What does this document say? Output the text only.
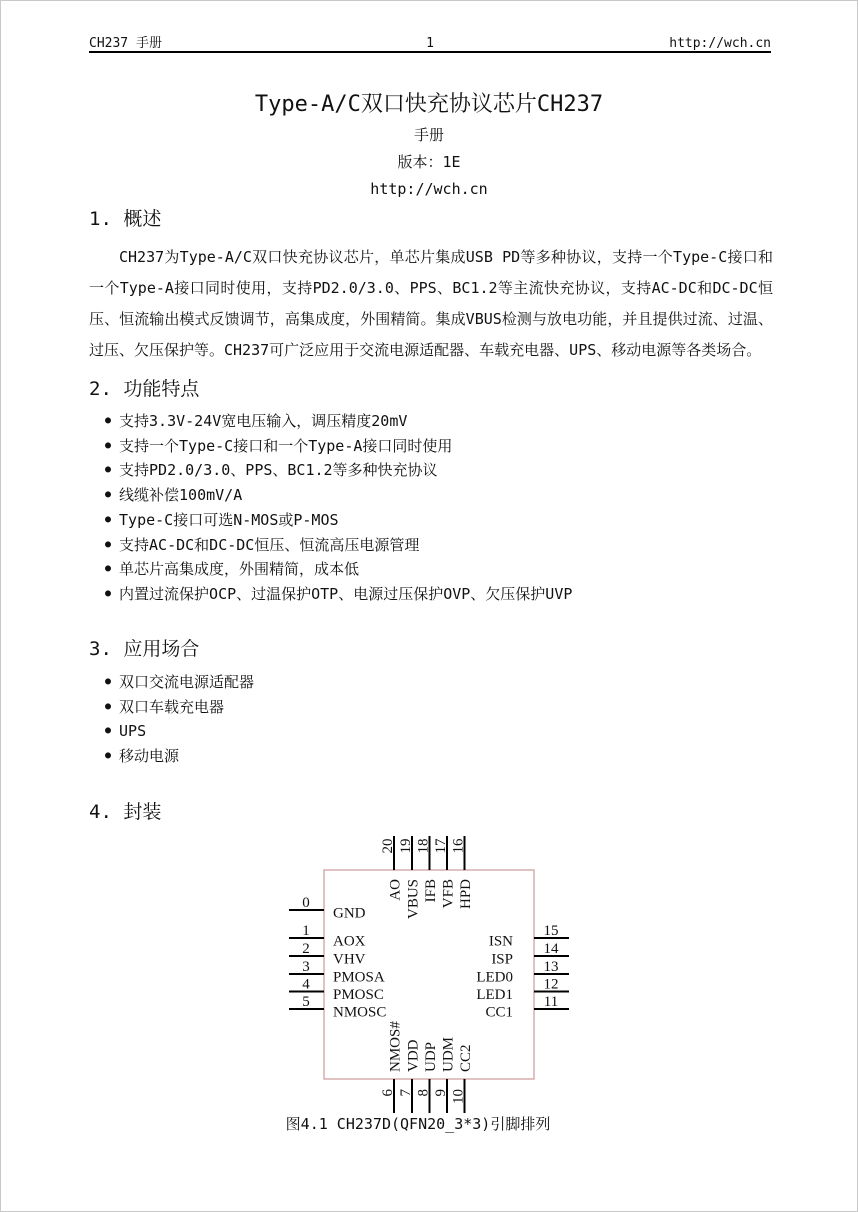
CH237 手册	1	http://wch.cn
Type-A/C双口快充协议芯片CH237
手册
版本：1E
http://wch.cn
1. 概述
CH237为Type-A/C双口快充协议芯片，单芯片集成USB PD等多种协议，支持一个Type-C接口和一个Type-A接口同时使用，支持PD2.0/3.0、PPS、BC1.2等主流快充协议，支持AC-DC和DC-DC恒压、恒流输出模式反馈调节，高集成度，外围精简。集成VBUS检测与放电功能，并且提供过流、过温、过压、欠压保护等。CH237可广泛应用于交流电源适配器、车载充电器、UPS、移动电源等各类场合。
2. 功能特点
● 支持3.3V-24V宽电压输入，调压精度20mV
● 支持一个Type-C接口和一个Type-A接口同时使用
● 支持PD2.0/3.0、PPS、BC1.2等多种快充协议
● 线缆补偿100mV/A
● Type-C接口可选N-MOS或P-MOS
● 支持AC-DC和DC-DC恒压、恒流高压电源管理
● 单芯片高集成度，外围精简，成本低
● 内置过流保护OCP、过温保护OTP、电源过压保护OVP、欠压保护UVP
3. 应用场合
● 双口交流电源适配器
● 双口车载充电器
● UPS
● 移动电源
4. 封装
0
1
2
3
4
5
GND
AOX
VHV
PMOSA
PMOSC
NMOSC
15
14
13
12
11
ISN
ISP
LED0
LED1
CC1
20 19 18 17 16
AO VBUS IFB VFB HPD
6 7 8 9 10
NMOS# VDD UDP UDM CC2
图4.1 CH237D(QFN20_3*3)引脚排列
